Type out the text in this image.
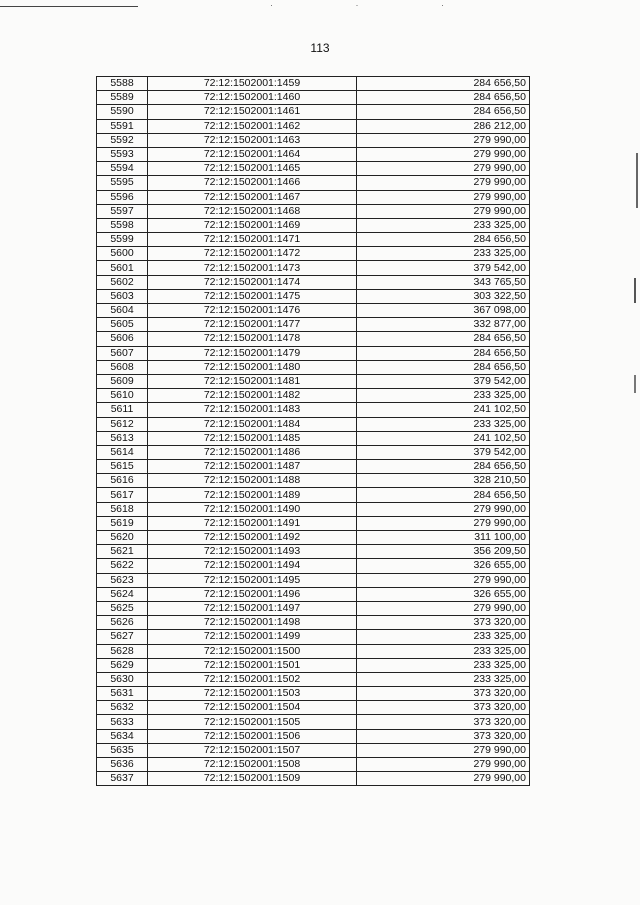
· · ·
113
5588	72:12:1502001:1459	284 656,50
5589	72:12:1502001:1460	284 656,50
5590	72:12:1502001:1461	284 656,50
5591	72:12:1502001:1462	286 212,00
5592	72:12:1502001:1463	279 990,00
5593	72:12:1502001:1464	279 990,00
5594	72:12:1502001:1465	279 990,00
5595	72:12:1502001:1466	279 990,00
5596	72:12:1502001:1467	279 990,00
5597	72:12:1502001:1468	279 990,00
5598	72:12:1502001:1469	233 325,00
5599	72:12:1502001:1471	284 656,50
5600	72:12:1502001:1472	233 325,00
5601	72:12:1502001:1473	379 542,00
5602	72:12:1502001:1474	343 765,50
5603	72:12:1502001:1475	303 322,50
5604	72:12:1502001:1476	367 098,00
5605	72:12:1502001:1477	332 877,00
5606	72:12:1502001:1478	284 656,50
5607	72:12:1502001:1479	284 656,50
5608	72:12:1502001:1480	284 656,50
5609	72:12:1502001:1481	379 542,00
5610	72:12:1502001:1482	233 325,00
5611	72:12:1502001:1483	241 102,50
5612	72:12:1502001:1484	233 325,00
5613	72:12:1502001:1485	241 102,50
5614	72:12:1502001:1486	379 542,00
5615	72:12:1502001:1487	284 656,50
5616	72:12:1502001:1488	328 210,50
5617	72:12:1502001:1489	284 656,50
5618	72:12:1502001:1490	279 990,00
5619	72:12:1502001:1491	279 990,00
5620	72:12:1502001:1492	311 100,00
5621	72:12:1502001:1493	356 209,50
5622	72:12:1502001:1494	326 655,00
5623	72:12:1502001:1495	279 990,00
5624	72:12:1502001:1496	326 655,00
5625	72:12:1502001:1497	279 990,00
5626	72:12:1502001:1498	373 320,00
5627	72:12:1502001:1499	233 325,00
5628	72:12:1502001:1500	233 325,00
5629	72:12:1502001:1501	233 325,00
5630	72:12:1502001:1502	233 325,00
5631	72:12:1502001:1503	373 320,00
5632	72:12:1502001:1504	373 320,00
5633	72:12:1502001:1505	373 320,00
5634	72:12:1502001:1506	373 320,00
5635	72:12:1502001:1507	279 990,00
5636	72:12:1502001:1508	279 990,00
5637	72:12:1502001:1509	279 990,00
